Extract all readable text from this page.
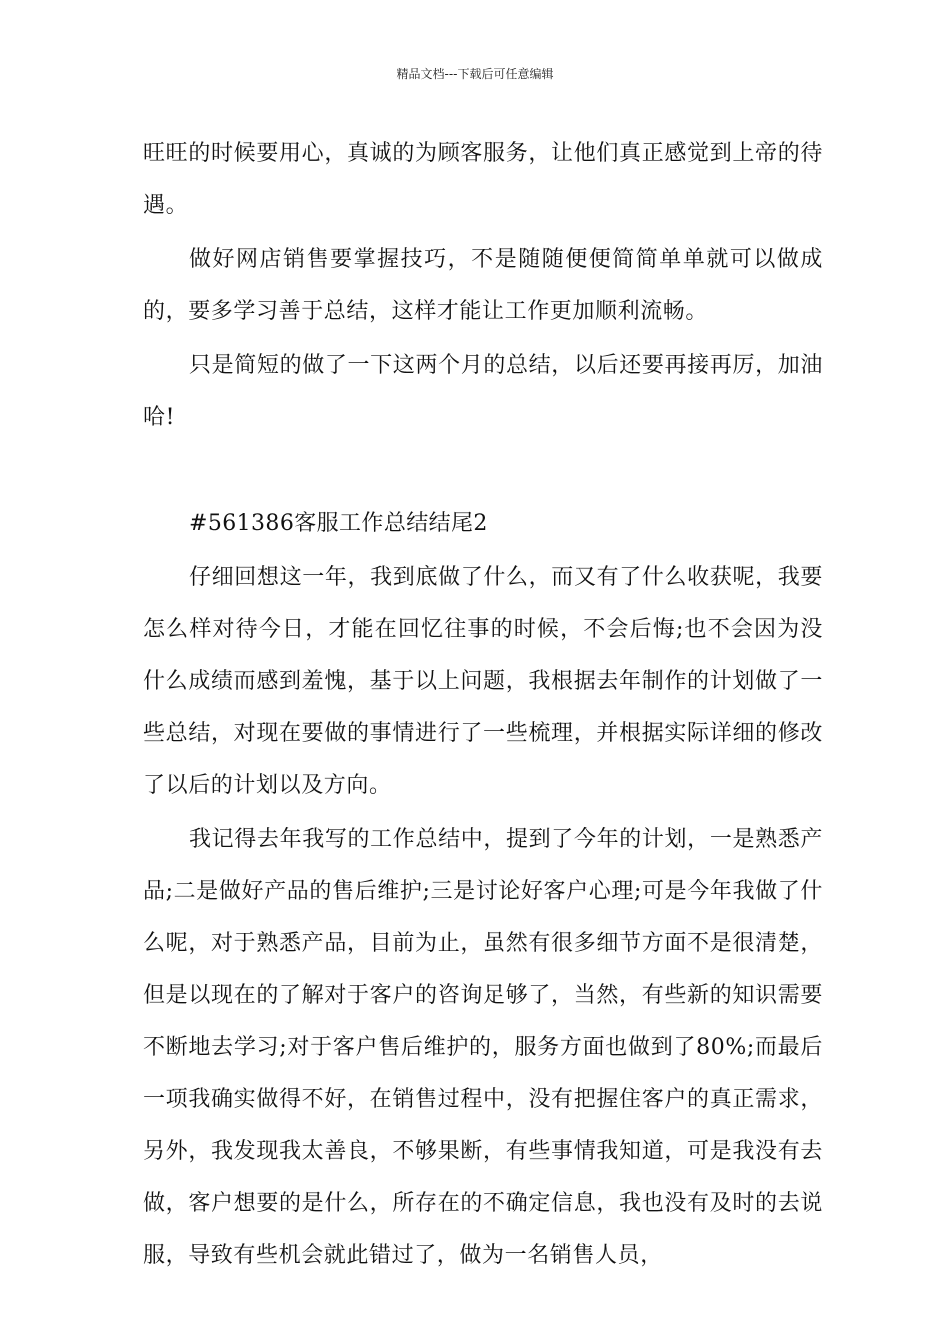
精品文档---下载后可任意编辑

旺旺的时候要用心，真诚的为顾客服务，让他们真正感觉到上帝的待遇。

做好网店销售要掌握技巧，不是随随便便简简单单就可以做成的，要多学习善于总结，这样才能让工作更加顺利流畅。

只是简短的做了一下这两个月的总结，以后还要再接再厉，加油哈!

#561386客服工作总结结尾2

仔细回想这一年，我到底做了什么，而又有了什么收获呢，我要怎么样对待今日，才能在回忆往事的时候，不会后悔;也不会因为没什么成绩而感到羞愧，基于以上问题，我根据去年制作的计划做了一些总结，对现在要做的事情进行了一些梳理，并根据实际详细的修改了以后的计划以及方向。

我记得去年我写的工作总结中，提到了今年的计划，一是熟悉产品;二是做好产品的售后维护;三是讨论好客户心理;可是今年我做了什么呢，对于熟悉产品，目前为止，虽然有很多细节方面不是很清楚，但是以现在的了解对于客户的咨询足够了，当然，有些新的知识需要不断地去学习;对于客户售后维护的，服务方面也做到了80%;而最后一项我确实做得不好，在销售过程中，没有把握住客户的真正需求，另外，我发现我太善良，不够果断，有些事情我知道，可是我没有去做，客户想要的是什么，所存在的不确定信息，我也没有及时的去说服，导致有些机会就此错过了，做为一名销售人员，
